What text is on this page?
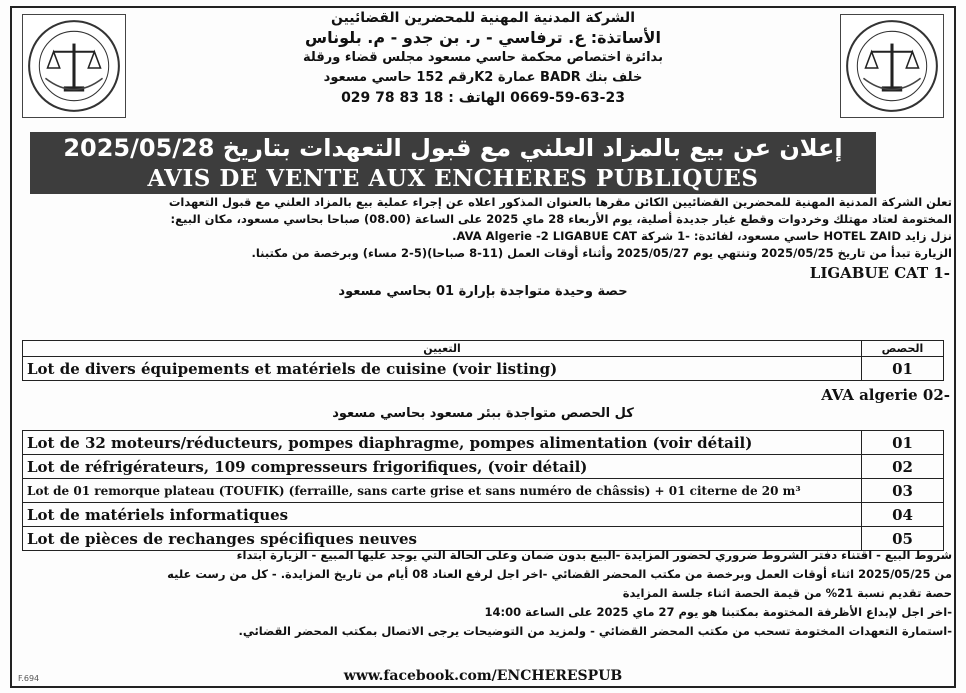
الشركة المدنية المهنية للمحضرين القضائيين
الأساتذة: ع. ترفاسي - ر. بن جدو - م. بلوناس
بدائرة اختصاص محكمة حاسي مسعود مجلس قضاء ورقلة
خلف بنك BADR عمارة K2رقم 152 حاسي مسعود
0669-59-63-23 الهاتف : 18 83 78 029
إعلان عن بيع بالمزاد العلني مع قبول التعهدات بتاريخ 2025/05/28
AVIS DE VENTE AUX ENCHERES PUBLIQUES
تعلن الشركة المدنية المهنية للمحضرين القضائيين الكائن مقرها بالعنوان المذكور اعلاه عن إجراء عملية بيع بالمزاد العلني مع قبول التعهدات
المختومة لعتاد مهتلك وخردوات وقطع غيار جديدة أصلية، يوم الأربعاء 28 ماي 2025 على الساعة (08.00) صباحا بحاسي مسعود، مكان البيع:
نزل زايد HOTEL ZAID حاسي مسعود، لفائدة: -1 شركة AVA Algerie -2 LIGABUE CAT.
الزيارة تبدأ من تاريخ 2025/05/25 وتنتهي يوم 2025/05/27 وأثناء أوقات العمل (11-8 صباحا)(5-2 مساء) وبرخصة من مكتبنا.
LIGABUE CAT 1-
حصة وحيدة متواجدة بإرارة 01 بحاسي مسعود
التعيين	الحصص
Lot de divers équipements et matériels de cuisine (voir listing)	01
AVA algerie 02-
كل الحصص متواجدة ببئر مسعود بحاسي مسعود
Lot de 32 moteurs/réducteurs, pompes diaphragme, pompes alimentation (voir détail)	01
Lot de réfrigérateurs, 109 compresseurs frigorifiques, (voir détail)	02
Lot de 01 remorque plateau (TOUFIK) (ferraille, sans carte grise et sans numéro de châssis) + 01 citerne de 20 m³	03
Lot de matériels informatiques	04
Lot de pièces de rechanges spécifiques neuves	05
شروط البيع - اقتناء دفتر الشروط ضروري لحضور المزايدة -البيع بدون ضمان وعلى الحالة التي يوجد عليها المبيع - الزيارة ابتداء
من 2025/05/25 اثناء أوقات العمل وبرخصة من مكتب المحضر القضائي -اخر اجل لرفع العناد 08 أيام من تاريخ المزايدة. - كل من رست عليه
حصة تقديم نسبة 21% من قيمة الحصة اثناء جلسة المزايدة
-اخر اجل لإبداع الأظرفة المختومة بمكتبنا هو يوم 27 ماي 2025 على الساعة 14:00
-استمارة التعهدات المختومة تسحب من مكتب المحضر القضائي - ولمزيد من التوضيحات يرجى الاتصال بمكتب المحضر القضائي.
www.facebook.com/ENCHERESPUB
F.694
